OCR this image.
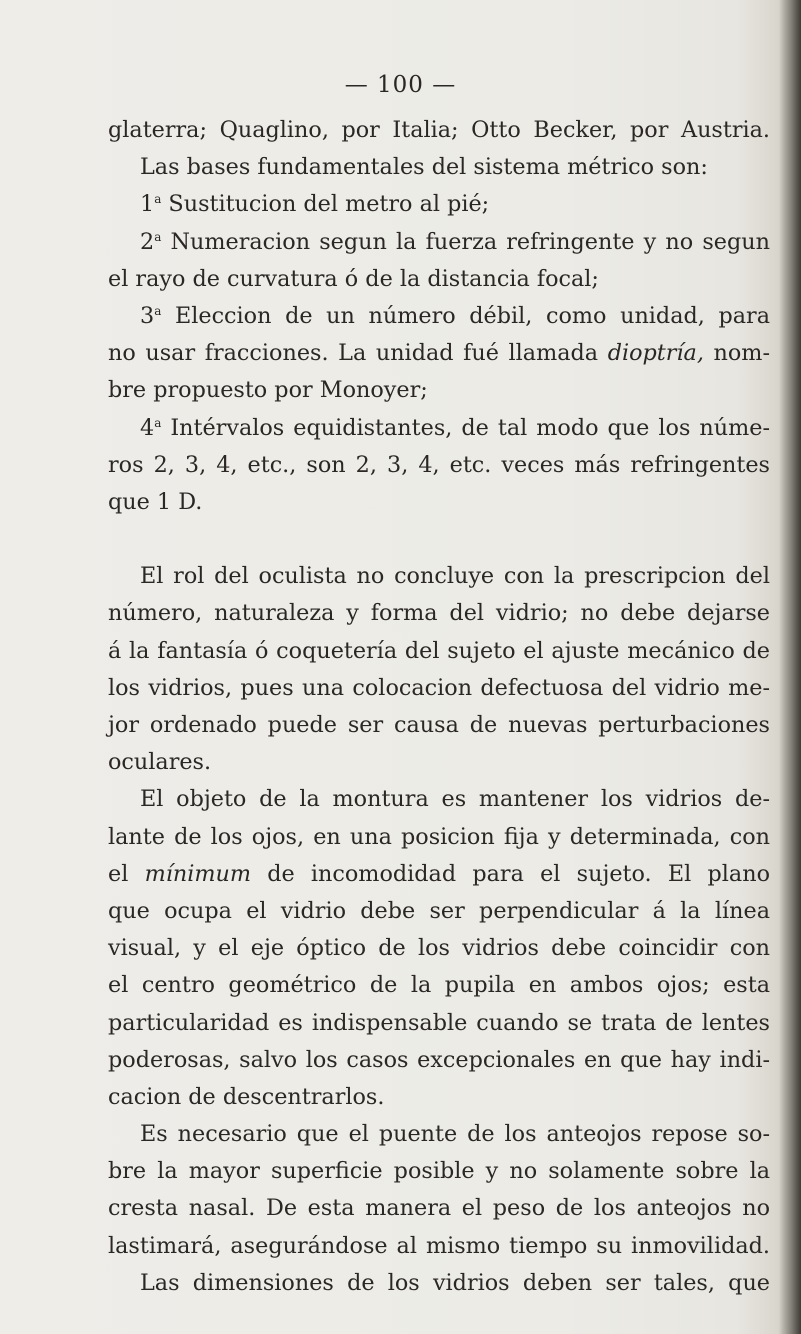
— 100 —
glaterra; Quaglino, por Italia; Otto Becker, por Austria.
Las bases fundamentales del sistema métrico son:
1$^a$ Sustitucion del metro al pié;
2$^a$ Numeracion segun la fuerza refringente y no segun
el rayo de curvatura ó de la distancia focal;
3$^a$ Eleccion de un número débil, como unidad, para
no usar fracciones. La unidad fué llamada dioptría, nom-
bre propuesto por Monoyer;
4$^a$ Intérvalos equidistantes, de tal modo que los núme-
ros 2, 3, 4, etc., son 2, 3, 4, etc. veces más refringentes
que 1 D.
El rol del oculista no concluye con la prescripcion del
número, naturaleza y forma del vidrio; no debe dejarse
á la fantasía ó coquetería del sujeto el ajuste mecánico de
los vidrios, pues una colocacion defectuosa del vidrio me-
jor ordenado puede ser causa de nuevas perturbaciones
oculares.
El objeto de la montura es mantener los vidrios de-
lante de los ojos, en una posicion fija y determinada, con
el mínimum de incomodidad para el sujeto. El plano
que ocupa el vidrio debe ser perpendicular á la línea
visual, y el eje óptico de los vidrios debe coincidir con
el centro geométrico de la pupila en ambos ojos; esta
particularidad es indispensable cuando se trata de lentes
poderosas, salvo los casos excepcionales en que hay indi-
cacion de descentrarlos.
Es necesario que el puente de los anteojos repose so-
bre la mayor superficie posible y no solamente sobre la
cresta nasal. De esta manera el peso de los anteojos no
lastimará, asegurándose al mismo tiempo su inmovilidad.
Las dimensiones de los vidrios deben ser tales, que
